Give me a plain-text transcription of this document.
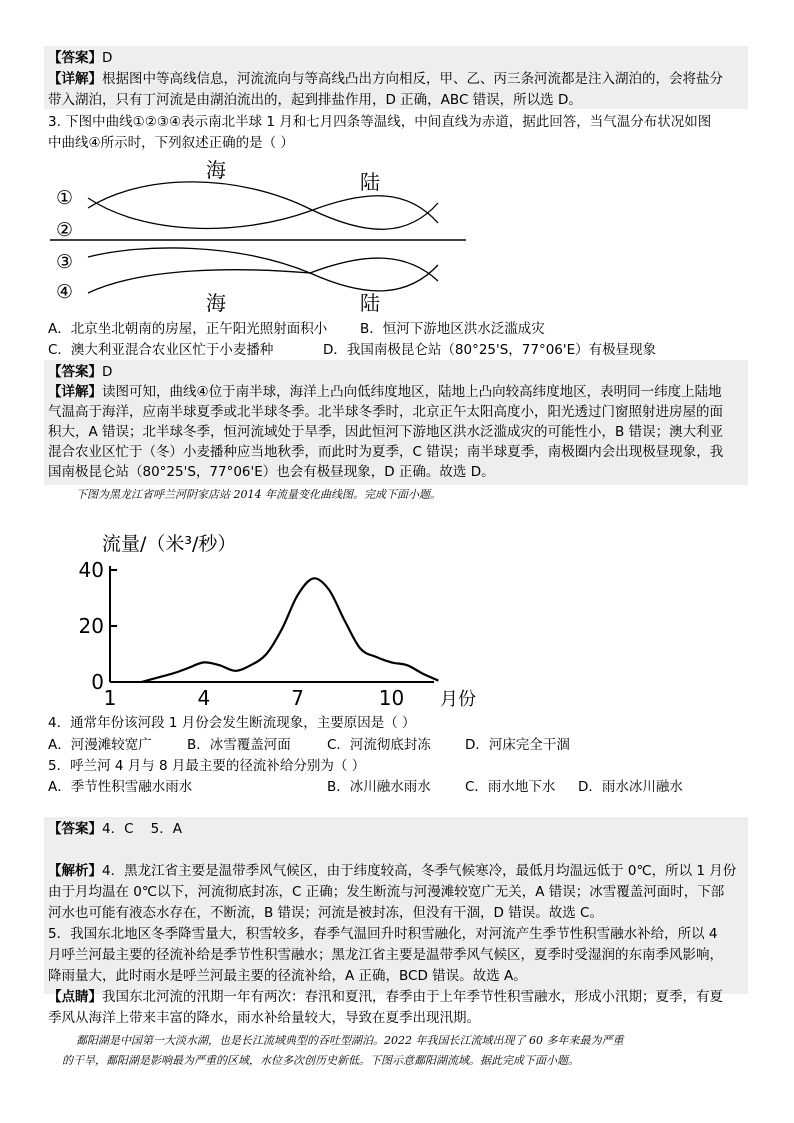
【答案】D
【详解】根据图中等高线信息，河流流向与等高线凸出方向相反，甲、乙、丙三条河流都是注入湖泊的，会将盐分
带入湖泊，只有丁河流是由湖泊流出的，起到排盐作用，D 正确，ABC 错误，所以选 D。
3. 下图中曲线①②③④表示南北半球 1 月和七月四条等温线，中间直线为赤道，据此回答，当气温分布状况如图
中曲线④所示时，下列叙述正确的是（ ）
海	陆
①
②
③
④	海	陆
A．北京坐北朝南的房屋，正午阳光照射面积小 B．恒河下游地区洪水泛滥成灾
C．澳大利亚混合农业区忙于小麦播种	D．我国南极昆仑站（80°25'S，77°06'E）有极昼现象
【答案】D
【详解】读图可知，曲线④位于南半球，海洋上凸向低纬度地区，陆地上凸向较高纬度地区，表明同一纬度上陆地
气温高于海洋，应南半球夏季或北半球冬季。北半球冬季时，北京正午太阳高度小，阳光透过门窗照射进房屋的面
积大，A 错误；北半球冬季，恒河流域处于旱季，因此恒河下游地区洪水泛滥成灾的可能性小，B 错误；澳大利亚
混合农业区忙于（冬）小麦播种应当地秋季，而此时为夏季，C 错误；南半球夏季，南极圈内会出现极昼现象，我
国南极昆仑站（80°25'S，77°06'E）也会有极昼现象，D 正确。故选 D。
下图为黑龙江省呼兰河阴家店站 2014 年流量变化曲线图。完成下面小题。
流量/（米³/秒）
40
20
0
1	4	7	10 月份
4．通常年份该河段 1 月份会发生断流现象，主要原因是（ ）
A．河漫滩较宽广	B．冰雪覆盖河面	C．河流彻底封冻	D．河床完全干涸
5．呼兰河 4 月与 8 月最主要的径流补给分别为（ ）
A．季节性积雪融水雨水	B．冰川融水雨水	C．雨水地下水 D．雨水冰川融水
【答案】4．C    5．A
【解析】4．黑龙江省主要是温带季风气候区，由于纬度较高，冬季气候寒冷，最低月均温远低于 0℃，所以 1 月份
由于月均温在 0℃以下，河流彻底封冻，C 正确；发生断流与河漫滩较宽广无关，A 错误；冰雪覆盖河面时，下部
河水也可能有液态水存在，不断流，B 错误；河流是被封冻，但没有干涸，D 错误。故选 C。
5．我国东北地区冬季降雪量大，积雪较多，春季气温回升时积雪融化，对河流产生季节性积雪融水补给，所以 4
月呼兰河最主要的径流补给是季节性积雪融水；黑龙江省主要是温带季风气候区，夏季时受湿润的东南季风影响，
降雨量大，此时雨水是呼兰河最主要的径流补给，A 正确，BCD 错误。故选 A。
【点睛】我国东北河流的汛期一年有两次：春汛和夏汛，春季由于上年季节性积雪融水，形成小汛期；夏季，有夏
季风从海洋上带来丰富的降水，雨水补给量较大，导致在夏季出现汛期。
鄱阳湖是中国第一大淡水湖，也是长江流域典型的吞吐型湖泊。2022 年我国长江流域出现了 60 多年来最为严重
的干旱，鄱阳湖是影响最为严重的区域，水位多次创历史新低。下图示意鄱阳湖流域。据此完成下面小题。
